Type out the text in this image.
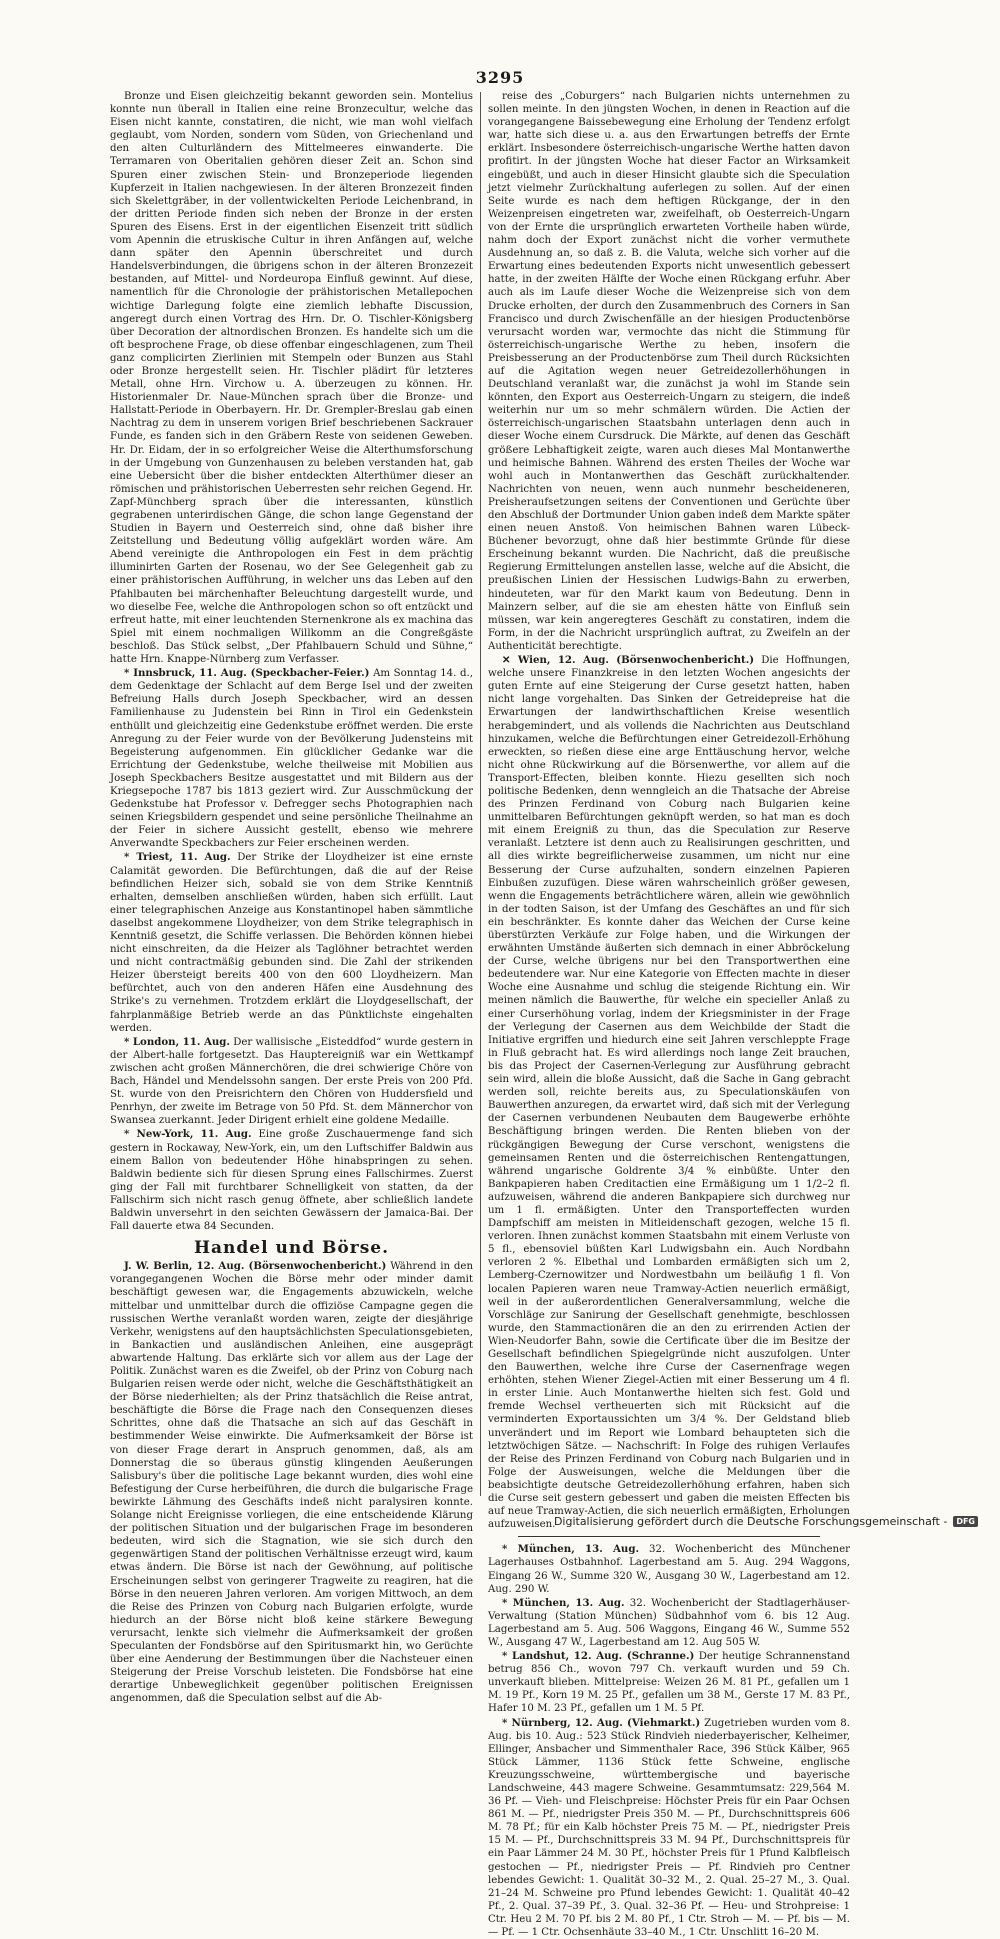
3295

Bronze und Eisen gleichzeitig bekannt geworden sein. Montelius konnte nun überall in Italien eine reine Bronzecultur, welche das Eisen nicht kannte, constatiren, die nicht, wie man wohl vielfach geglaubt, vom Norden, sondern vom Süden, von Griechenland und den alten Culturländern des Mittelmeeres einwanderte. Die Terramaren von Oberitalien gehören dieser Zeit an. Schon sind Spuren einer zwischen Stein- und Bronzeperiode liegenden Kupferzeit in Italien nachgewiesen. In der älteren Bronzezeit finden sich Skelettgräber, in der vollentwickelten Periode Leichenbrand, in der dritten Periode finden sich neben der Bronze in der ersten Spuren des Eisens. Erst in der eigentlichen Eisenzeit tritt südlich vom Apennin die etruskische Cultur in ihren Anfängen auf, welche dann später den Apennin überschreitet und durch Handelsverbindungen, die übrigens schon in der älteren Bronzezeit bestanden, auf Mittel- und Nordeuropa Einfluß gewinnt. Auf diese, namentlich für die Chronologie der prähistorischen Metallepochen wichtige Darlegung folgte eine ziemlich lebhafte Discussion, angeregt durch einen Vortrag des Hrn. Dr. O. Tischler-Königsberg über Decoration der altnordischen Bronzen. Es handelte sich um die oft besprochene Frage, ob diese offenbar eingeschlagenen, zum Theil ganz complicirten Zierlinien mit Stempeln oder Bunzen aus Stahl oder Bronze hergestellt seien. Hr. Tischler plädirt für letzteres Metall, ohne Hrn. Virchow u. A. überzeugen zu können. Hr. Historienmaler Dr. Naue-München sprach über die Bronze- und Hallstatt-Periode in Oberbayern. Hr. Dr. Grempler-Breslau gab einen Nachtrag zu dem in unserem vorigen Brief beschriebenen Sackrauer Funde, es fanden sich in den Gräbern Reste von seidenen Geweben. Hr. Dr. Eidam, der in so erfolgreicher Weise die Alterthumsforschung in der Umgebung von Gunzenhausen zu beleben verstanden hat, gab eine Uebersicht über die bisher entdeckten Alterthümer dieser an römischen und prähistorischen Ueberresten sehr reichen Gegend. Hr. Zapf-Münchberg sprach über die interessanten, künstlich gegrabenen unterirdischen Gänge, die schon lange Gegenstand der Studien in Bayern und Oesterreich sind, ohne daß bisher ihre Zeitstellung und Bedeutung völlig aufgeklärt worden wäre. Am Abend vereinigte die Anthropologen ein Fest in dem prächtig illuminirten Garten der Rosenau, wo der See Gelegenheit gab zu einer prähistorischen Aufführung, in welcher uns das Leben auf den Pfahlbauten bei märchenhafter Beleuchtung dargestellt wurde, und wo dieselbe Fee, welche die Anthropologen schon so oft entzückt und erfreut hatte, mit einer leuchtenden Sternenkrone als ex machina das Spiel mit einem nochmaligen Willkomm an die Congreßgäste beschloß. Das Stück selbst, „Der Pfahlbauern Schuld und Sühne,“ hatte Hrn. Knappe-Nürnberg zum Verfasser.

* Innsbruck, 11. Aug. (Speckbacher-Feier.) Am Sonntag 14. d., dem Gedenktage der Schlacht auf dem Berge Isel und der zweiten Befreiung Halls durch Joseph Speckbacher, wird an dessen Familienhause zu Judenstein bei Rinn in Tirol ein Gedenkstein enthüllt und gleichzeitig eine Gedenkstube eröffnet werden. Die erste Anregung zu der Feier wurde von der Bevölkerung Judensteins mit Begeisterung aufgenommen. Ein glücklicher Gedanke war die Errichtung der Gedenkstube, welche theilweise mit Mobilien aus Joseph Speckbachers Besitze ausgestattet und mit Bildern aus der Kriegsepoche 1787 bis 1813 geziert wird. Zur Ausschmückung der Gedenkstube hat Professor v. Defregger sechs Photographien nach seinen Kriegsbildern gespendet und seine persönliche Theilnahme an der Feier in sichere Aussicht gestellt, ebenso wie mehrere Anverwandte Speckbachers zur Feier erscheinen werden.

* Triest, 11. Aug. Der Strike der Lloydheizer ist eine ernste Calamität geworden. Die Befürchtungen, daß die auf der Reise befindlichen Heizer sich, sobald sie von dem Strike Kenntniß erhalten, demselben anschließen würden, haben sich erfüllt. Laut einer telegraphischen Anzeige aus Konstantinopel haben sämmtliche daselbst angekommene Lloydheizer, von dem Strike telegraphisch in Kenntniß gesetzt, die Schiffe verlassen. Die Behörden können hiebei nicht einschreiten, da die Heizer als Taglöhner betrachtet werden und nicht contractmäßig gebunden sind. Die Zahl der strikenden Heizer übersteigt bereits 400 von den 600 Lloydheizern. Man befürchtet, auch von den anderen Häfen eine Ausdehnung des Strike's zu vernehmen. Trotzdem erklärt die Lloydgesellschaft, der fahrplanmäßige Betrieb werde an das Pünktlichste eingehalten werden.

* London, 11. Aug. Der wallisische „Eisteddfod“ wurde gestern in der Albert-halle fortgesetzt. Das Hauptereigniß war ein Wettkampf zwischen acht großen Männerchören, die drei schwierige Chöre von Bach, Händel und Mendelssohn sangen. Der erste Preis von 200 Pfd. St. wurde von den Preisrichtern den Chören von Huddersfield und Penrhyn, der zweite im Betrage von 50 Pfd. St. dem Männerchor von Swansea zuerkannt. Jeder Dirigent erhielt eine goldene Medaille.

* New-York, 11. Aug. Eine große Zuschauermenge fand sich gestern in Rockaway, New-York, ein, um den Luftschiffer Baldwin aus einem Ballon von bedeutender Höhe hinabspringen zu sehen. Baldwin bediente sich für diesen Sprung eines Fallschirmes. Zuerst ging der Fall mit furchtbarer Schnelligkeit von statten, da der Fallschirm sich nicht rasch genug öffnete, aber schließlich landete Baldwin unversehrt in den seichten Gewässern der Jamaica-Bai. Der Fall dauerte etwa 84 Secunden.

Handel und Börse.

J. W. Berlin, 12. Aug. (Börsenwochenbericht.) Während in den vorangegangenen Wochen die Börse mehr oder minder damit beschäftigt gewesen war, die Engagements abzuwickeln, welche mittelbar und unmittelbar durch die offiziöse Campagne gegen die russischen Werthe veranlaßt worden waren, zeigte der diesjährige Verkehr, wenigstens auf den hauptsächlichsten Speculationsgebieten, in Bankactien und ausländischen Anleihen, eine ausgeprägt abwartende Haltung. Das erklärte sich vor allem aus der Lage der Politik. Zunächst waren es die Zweifel, ob der Prinz von Coburg nach Bulgarien reisen werde oder nicht, welche die Geschäftsthätigkeit an der Börse niederhielten; als der Prinz thatsächlich die Reise antrat, beschäftigte die Börse die Frage nach den Consequenzen dieses Schrittes, ohne daß die Thatsache an sich auf das Geschäft in bestimmender Weise einwirkte. Die Aufmerksamkeit der Börse ist von dieser Frage derart in Anspruch genommen, daß, als am Donnerstag die so überaus günstig klingenden Aeußerungen Salisbury's über die politische Lage bekannt wurden, dies wohl eine Befestigung der Curse herbeiführen, die durch die bulgarische Frage bewirkte Lähmung des Geschäfts indeß nicht paralysiren konnte. Solange nicht Ereignisse vorliegen, die eine entscheidende Klärung der politischen Situation und der bulgarischen Frage im besonderen bedeuten, wird sich die Stagnation, wie sie sich durch den gegenwärtigen Stand der politischen Verhältnisse erzeugt wird, kaum etwas ändern. Die Börse ist nach der Gewöhnung, auf politische Erscheinungen selbst von geringerer Tragweite zu reagiren, hat die Börse in den neueren Jahren verloren. Am vorigen Mittwoch, an dem die Reise des Prinzen von Coburg nach Bulgarien erfolgte, wurde hiedurch an der Börse nicht bloß keine stärkere Bewegung verursacht, lenkte sich vielmehr die Aufmerksamkeit der großen Speculanten der Fondsbörse auf den Spiritusmarkt hin, wo Gerüchte über eine Aenderung der Bestimmungen über die Nachsteuer einen Steigerung der Preise Vorschub leisteten. Die Fondsbörse hat eine derartige Unbeweglichkeit gegenüber politischen Ereignissen angenommen, daß die Speculation selbst auf die Ab-

reise des „Coburgers“ nach Bulgarien nichts unternehmen zu sollen meinte. In den jüngsten Wochen, in denen in Reaction auf die vorangegangene Baissebewegung eine Erholung der Tendenz erfolgt war, hatte sich diese u. a. aus den Erwartungen betreffs der Ernte erklärt. Insbesondere österreichisch-ungarische Werthe hatten davon profitirt. In der jüngsten Woche hat dieser Factor an Wirksamkeit eingebüßt, und auch in dieser Hinsicht glaubte sich die Speculation jetzt vielmehr Zurückhaltung auferlegen zu sollen. Auf der einen Seite wurde es nach dem heftigen Rückgange, der in den Weizenpreisen eingetreten war, zweifelhaft, ob Oesterreich-Ungarn von der Ernte die ursprünglich erwarteten Vortheile haben würde, nahm doch der Export zunächst nicht die vorher vermuthete Ausdehnung an, so daß z. B. die Valuta, welche sich vorher auf die Erwartung eines bedeutenden Exports nicht unwesentlich gebessert hatte, in der zweiten Hälfte der Woche einen Rückgang erfuhr. Aber auch als im Laufe dieser Woche die Weizenpreise sich von dem Drucke erholten, der durch den Zusammenbruch des Corners in San Francisco und durch Zwischenfälle an der hiesigen Productenbörse verursacht worden war, vermochte das nicht die Stimmung für österreichisch-ungarische Werthe zu heben, insofern die Preisbesserung an der Productenbörse zum Theil durch Rücksichten auf die Agitation wegen neuer Getreidezollerhöhungen in Deutschland veranlaßt war, die zunächst ja wohl im Stande sein könnten, den Export aus Oesterreich-Ungarn zu steigern, die indeß weiterhin nur um so mehr schmälern würden. Die Actien der österreichisch-ungarischen Staatsbahn unterlagen denn auch in dieser Woche einem Cursdruck. Die Märkte, auf denen das Geschäft größere Lebhaftigkeit zeigte, waren auch dieses Mal Montanwerthe und heimische Bahnen. Während des ersten Theiles der Woche war wohl auch in Montanwerthen das Geschäft zurückhaltender. Nachrichten von neuen, wenn auch nunmehr bescheideneren, Preisheraufsetzungen seitens der Conventionen und Gerüchte über den Abschluß der Dortmunder Union gaben indeß dem Markte später einen neuen Anstoß. Von heimischen Bahnen waren Lübeck-Büchener bevorzugt, ohne daß hier bestimmte Gründe für diese Erscheinung bekannt wurden. Die Nachricht, daß die preußische Regierung Ermittelungen anstellen lasse, welche auf die Absicht, die preußischen Linien der Hessischen Ludwigs-Bahn zu erwerben, hindeuteten, war für den Markt kaum von Bedeutung. Denn in Mainzern selber, auf die sie am ehesten hätte von Einfluß sein müssen, war kein angeregteres Geschäft zu constatiren, indem die Form, in der die Nachricht ursprünglich auftrat, zu Zweifeln an der Authenticität berechtigte.

✕ Wien, 12. Aug. (Börsenwochenbericht.) Die Hoffnungen, welche unsere Finanzkreise in den letzten Wochen angesichts der guten Ernte auf eine Steigerung der Curse gesetzt hatten, haben nicht lange vorgehalten. Das Sinken der Getreidepreise hat die Erwartungen der landwirthschaftlichen Kreise wesentlich herabgemindert, und als vollends die Nachrichten aus Deutschland hinzukamen, welche die Befürchtungen einer Getreidezoll-Erhöhung erweckten, so rießen diese eine arge Enttäuschung hervor, welche nicht ohne Rückwirkung auf die Börsenwerthe, vor allem auf die Transport-Effecten, bleiben konnte. Hiezu gesellten sich noch politische Bedenken, denn wenngleich an die Thatsache der Abreise des Prinzen Ferdinand von Coburg nach Bulgarien keine unmittelbaren Befürchtungen geknüpft werden, so hat man es doch mit einem Ereigniß zu thun, das die Speculation zur Reserve veranlaßt. Letztere ist denn auch zu Realisirungen geschritten, und all dies wirkte begreiflicherweise zusammen, um nicht nur eine Besserung der Curse aufzuhalten, sondern einzelnen Papieren Einbußen zuzufügen. Diese wären wahrscheinlich größer gewesen, wenn die Engagements beträchtlichere wären, allein wie gewöhnlich in der todten Saison, ist der Umfang des Geschäftes an und für sich ein beschränkter. Es konnte daher das Weichen der Curse keine überstürzten Verkäufe zur Folge haben, und die Wirkungen der erwähnten Umstände äußerten sich demnach in einer Abbröckelung der Curse, welche übrigens nur bei den Transportwerthen eine bedeutendere war. Nur eine Kategorie von Effecten machte in dieser Woche eine Ausnahme und schlug die steigende Richtung ein. Wir meinen nämlich die Bauwerthe, für welche ein specieller Anlaß zu einer Curserhöhung vorlag, indem der Kriegsminister in der Frage der Verlegung der Casernen aus dem Weichbilde der Stadt die Initiative ergriffen und hiedurch eine seit Jahren verschleppte Frage in Fluß gebracht hat. Es wird allerdings noch lange Zeit brauchen, bis das Project der Casernen-Verlegung zur Ausführung gebracht sein wird, allein die bloße Aussicht, daß die Sache in Gang gebracht werden soll, reichte bereits aus, zu Speculationskäufen von Bauwerthen anzuregen, da erwartet wird, daß sich mit der Verlegung der Casernen verbundenen Neubauten dem Baugewerbe erhöhte Beschäftigung bringen werden. Die Renten blieben von der rückgängigen Bewegung der Curse verschont, wenigstens die gemeinsamen Renten und die österreichischen Rentengattungen, während ungarische Goldrente 3/4 % einbüßte. Unter den Bankpapieren haben Creditactien eine Ermäßigung um 1 1/2–2 fl. aufzuweisen, während die anderen Bankpapiere sich durchweg nur um 1 fl. ermäßigten. Unter den Transporteffecten wurden Dampfschiff am meisten in Mitleidenschaft gezogen, welche 15 fl. verloren. Ihnen zunächst kommen Staatsbahn mit einem Verluste von 5 fl., ebensoviel büßten Karl Ludwigsbahn ein. Auch Nordbahn verloren 2 %. Elbethal und Lombarden ermäßigten sich um 2, Lemberg-Czernowitzer und Nordwestbahn um beiläufig 1 fl. Von localen Papieren waren neue Tramway-Actien neuerlich ermäßigt, weil in der außerordentlichen Generalversammlung, welche die Vorschläge zur Sanirung der Gesellschaft genehmigte, beschlossen wurde, den Stammactionären die an den zu erirrenden Actien der Wien-Neudorfer Bahn, sowie die Certificate über die im Besitze der Gesellschaft befindlichen Spiegelgründe nicht auszufolgen. Unter den Bauwerthen, welche ihre Curse der Casernenfrage wegen erhöhten, stehen Wiener Ziegel-Actien mit einer Besserung um 4 fl. in erster Linie. Auch Montanwerthe hielten sich fest. Gold und fremde Wechsel vertheuerten sich mit Rücksicht auf die verminderten Exportaussichten um 3/4 %. Der Geldstand blieb unverändert und im Report wie Lombard behaupteten sich die letztwöchigen Sätze. — Nachschrift: In Folge des ruhigen Verlaufes der Reise des Prinzen Ferdinand von Coburg nach Bulgarien und in Folge der Ausweisungen, welche die Meldungen über die beabsichtigte deutsche Getreidezollerhöhung erfahren, haben sich die Curse seit gestern gebessert und gaben die meisten Effecten bis auf neue Tramway-Actien, die sich neuerlich ermäßigten, Erholungen aufzuweisen.

* München, 13. Aug. 32. Wochenbericht des Münchener Lagerhauses Ostbahnhof. Lagerbestand am 5. Aug. 294 Waggons, Eingang 26 W., Summe 320 W., Ausgang 30 W., Lagerbestand am 12. Aug. 290 W.

* München, 13. Aug. 32. Wochenbericht der Stadtlagerhäuser-Verwaltung (Station München) Südbahnhof vom 6. bis 12 Aug. Lagerbestand am 5. Aug. 506 Waggons, Eingang 46 W., Summe 552 W., Ausgang 47 W., Lagerbestand am 12. Aug 505 W.

* Landshut, 12. Aug. (Schranne.) Der heutige Schrannenstand betrug 856 Ch., wovon 797 Ch. verkauft wurden und 59 Ch. unverkauft blieben. Mittelpreise: Weizen 26 M. 81 Pf., gefallen um 1 M. 19 Pf., Korn 19 M. 25 Pf., gefallen um 38 M., Gerste 17 M. 83 Pf., Hafer 10 M. 23 Pf., gefallen um 1 M. 5 Pf.

* Nürnberg, 12. Aug. (Viehmarkt.) Zugetrieben wurden vom 8. Aug. bis 10. Aug.: 523 Stück Rindvieh niederbayerischer, Kelheimer, Ellinger, Ansbacher und Simmenthaler Race, 396 Stück Kälber, 965 Stück Lämmer, 1136 Stück fette Schweine, englische Kreuzungsschweine, württembergische und bayerische Landschweine, 443 magere Schweine. Gesammtumsatz: 229,564 M. 36 Pf. — Vieh- und Fleischpreise: Höchster Preis für ein Paar Ochsen 861 M. — Pf., niedrigster Preis 350 M. — Pf., Durchschnittspreis 606 M. 78 Pf.; für ein Kalb höchster Preis 75 M. — Pf., niedrigster Preis 15 M. — Pf., Durchschnittspreis 33 M. 94 Pf., Durchschnittspreis für ein Paar Lämmer 24 M. 30 Pf., höchster Preis für 1 Pfund Kalbfleisch gestochen — Pf., niedrigster Preis — Pf. Rindvieh pro Centner lebendes Gewicht: 1. Qualität 30–32 M., 2. Qual. 25–27 M., 3. Qual. 21–24 M. Schweine pro Pfund lebendes Gewicht: 1. Qualität 40–42 Pf., 2. Qual. 37–39 Pf., 3. Qual. 32–36 Pf. — Heu- und Strohpreise: 1 Ctr. Heu 2 M. 70 Pf. bis 2 M. 80 Pf., 1 Ctr. Stroh — M. — Pf. bis — M. — Pf. — 1 Ctr. Ochsenhäute 33–40 M., 1 Ctr. Unschlitt 16–20 M.

Digitalisierung gefördert durch die Deutsche Forschungsgemeinschaft -	DFG
